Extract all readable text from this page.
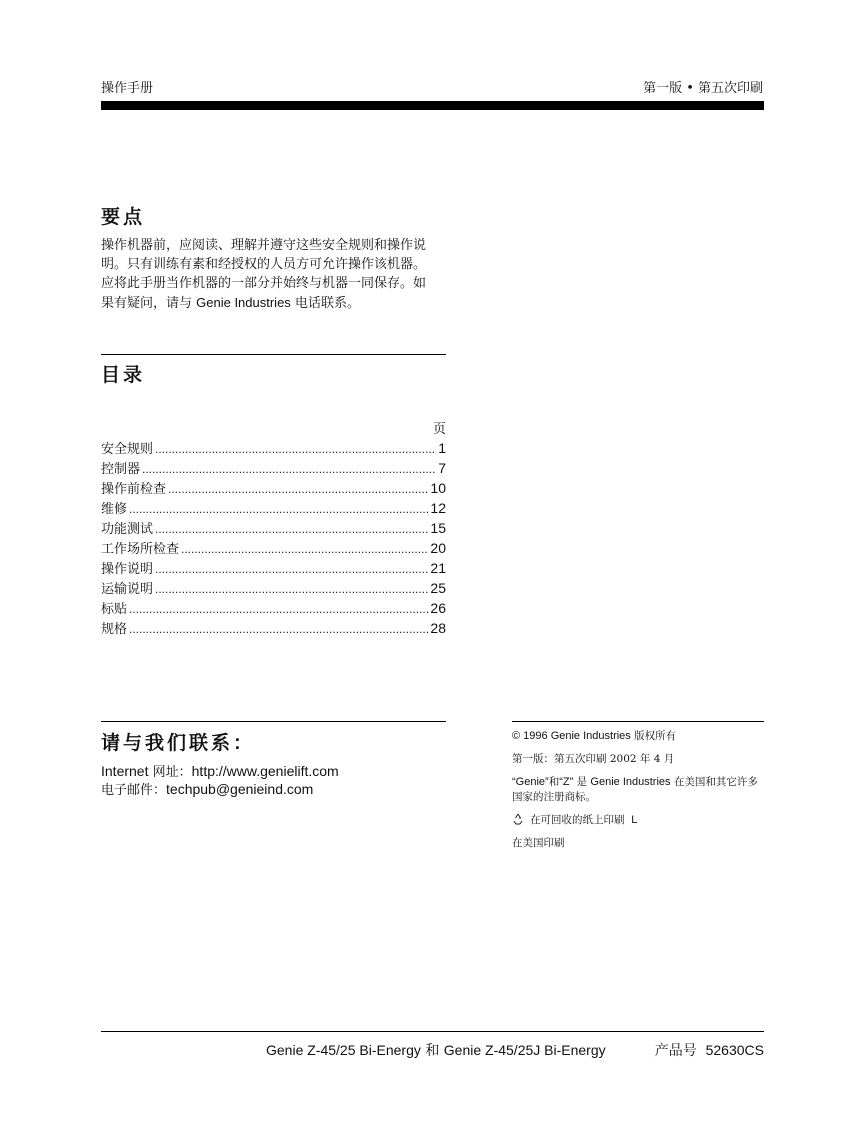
操作手册	第一版 • 第五次印刷
要点
操作机器前，应阅读、理解并遵守这些安全规则和操作说明。只有训练有素和经授权的人员方可允许操作该机器。应将此手册当作机器的一部分并始终与机器一同保存。如果有疑问，请与 Genie Industries 电话联系。
目录
页
安全规则 .....	1
控制器 .....	7
操作前检查 .....	10
维修 .....	12
功能测试 .....	15
工作场所检查 .....	20
操作说明 .....	21
运输说明 .....	25
标贴 .....	26
规格 .....	28
请与我们联系：
Internet 网址：http://www.genielift.com
电子邮件：techpub@genieind.com

© 1996 Genie Industries 版权所有

第一版：第五次印刷 2002 年 4 月

“Genie”和“Z” 是 Genie Industries 在美国和其它许多国家的注册商标。

在可回收的纸上印刷 L

在美国印刷

Genie Z-45/25 Bi-Energy 和 Genie Z-45/25J Bi-Energy	产品号 52630CS
